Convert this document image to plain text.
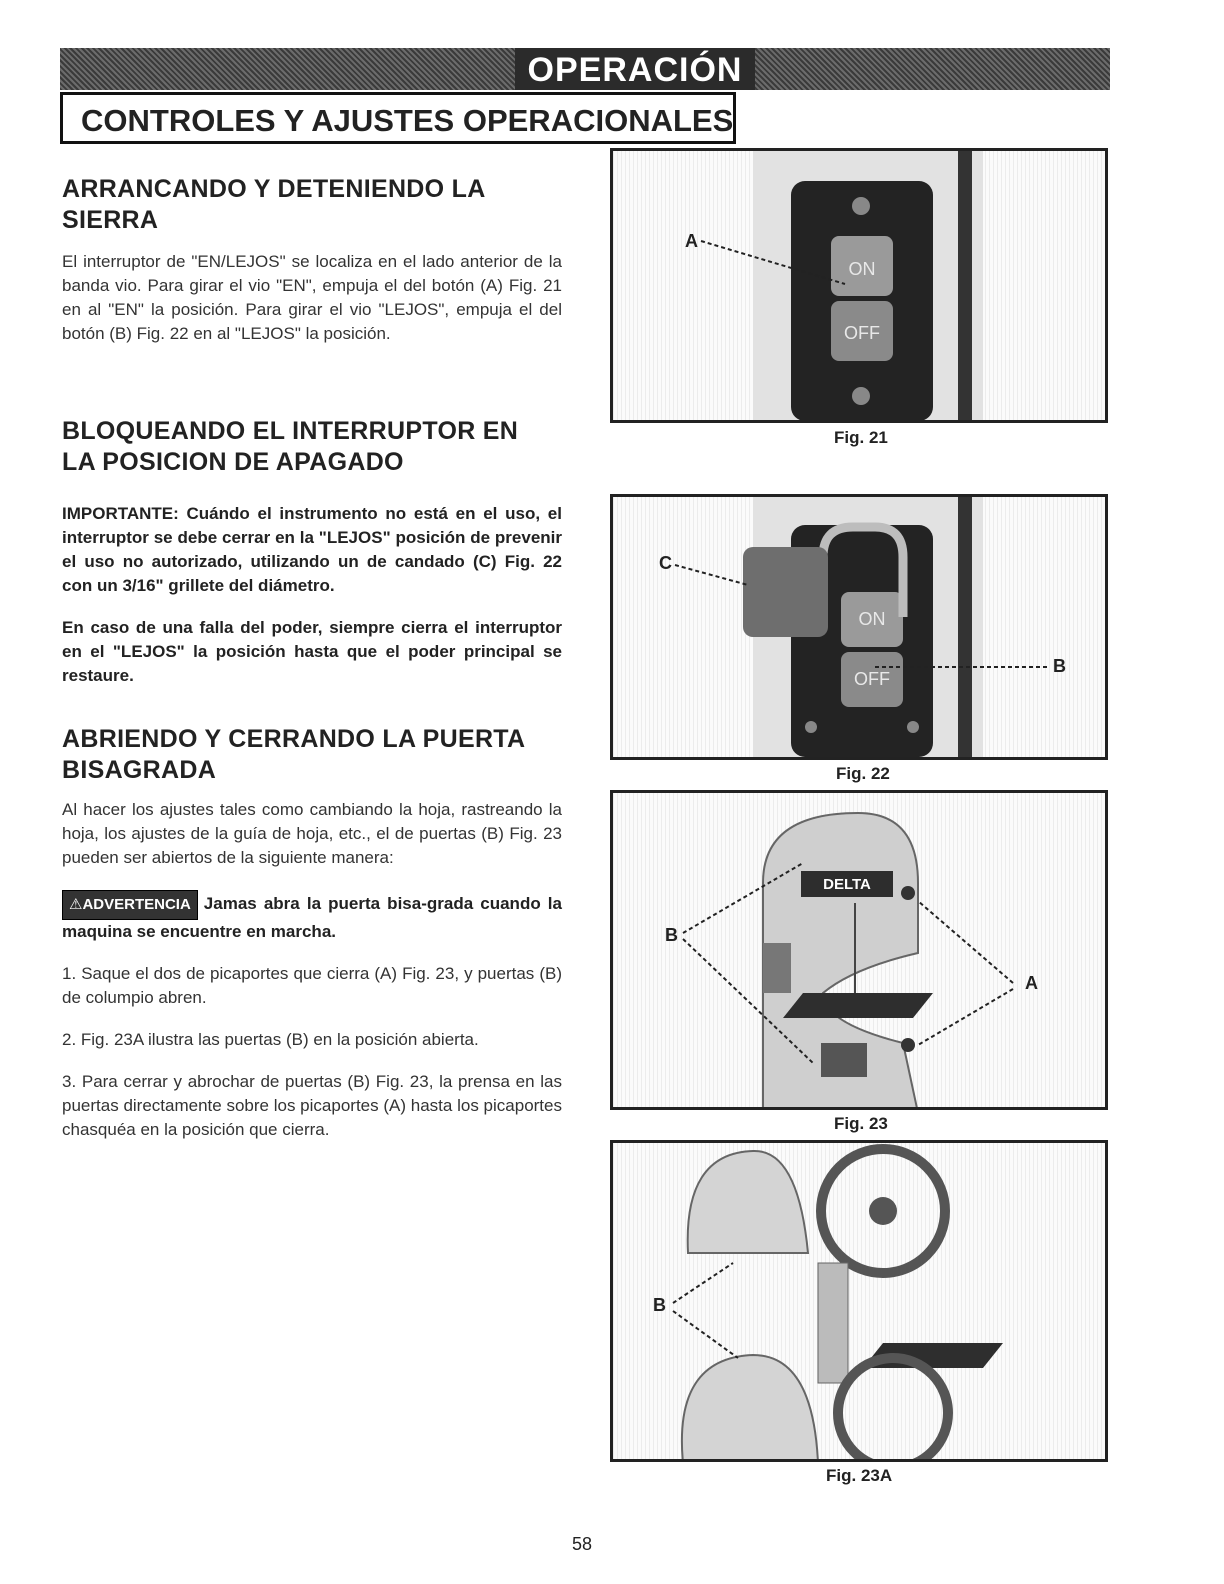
OPERACIÓN
CONTROLES Y AJUSTES OPERACIONALES
ARRANCANDO Y DETENIENDO LA SIERRA

El interruptor de "EN/LEJOS" se localiza en el lado anterior de la banda vio. Para girar el vio "EN", empuja el del botón (A) Fig. 21 en al "EN" la posición. Para girar el vio "LEJOS", empuja el del botón (B) Fig. 22 en al "LEJOS" la posición.

BLOQUEANDO EL INTERRUPTOR EN LA POSICION DE APAGADO

IMPORTANTE: Cuándo el instrumento no está en el uso, el interruptor se debe cerrar en la "LEJOS" posición de prevenir el uso no autorizado, utilizando un de candado (C) Fig. 22 con un 3/16" grillete del diámetro.

En caso de una falla del poder, siempre cierra el interruptor en el "LEJOS" la posición hasta que el poder principal se restaure.

ABRIENDO Y CERRANDO LA PUERTA BISAGRADA

Al hacer los ajustes tales como cambiando la hoja, rastreando la hoja, los ajustes de la guía de hoja, etc., el de puertas (B) Fig. 23 pueden ser abiertos de la siguiente manera:

⚠ADVERTENCIA Jamas abra la puerta bisa-grada cuando la maquina se encuentre en marcha.

1. Saque el dos de picaportes que cierra (A) Fig. 23, y puertas (B) de columpio abren.

2. Fig. 23A ilustra las puertas (B) en la posición abierta.

3. Para cerrar y abrochar de puertas (B) Fig. 23, la prensa en las puertas directamente sobre los picaportes (A) hasta los picaportes chasquéa en la posición que cierra.

ON
OFF
A
Fig. 21
ON
OFF
C
B
Fig. 22
DELTA
B
A
Fig. 23
B
Fig. 23A
58
